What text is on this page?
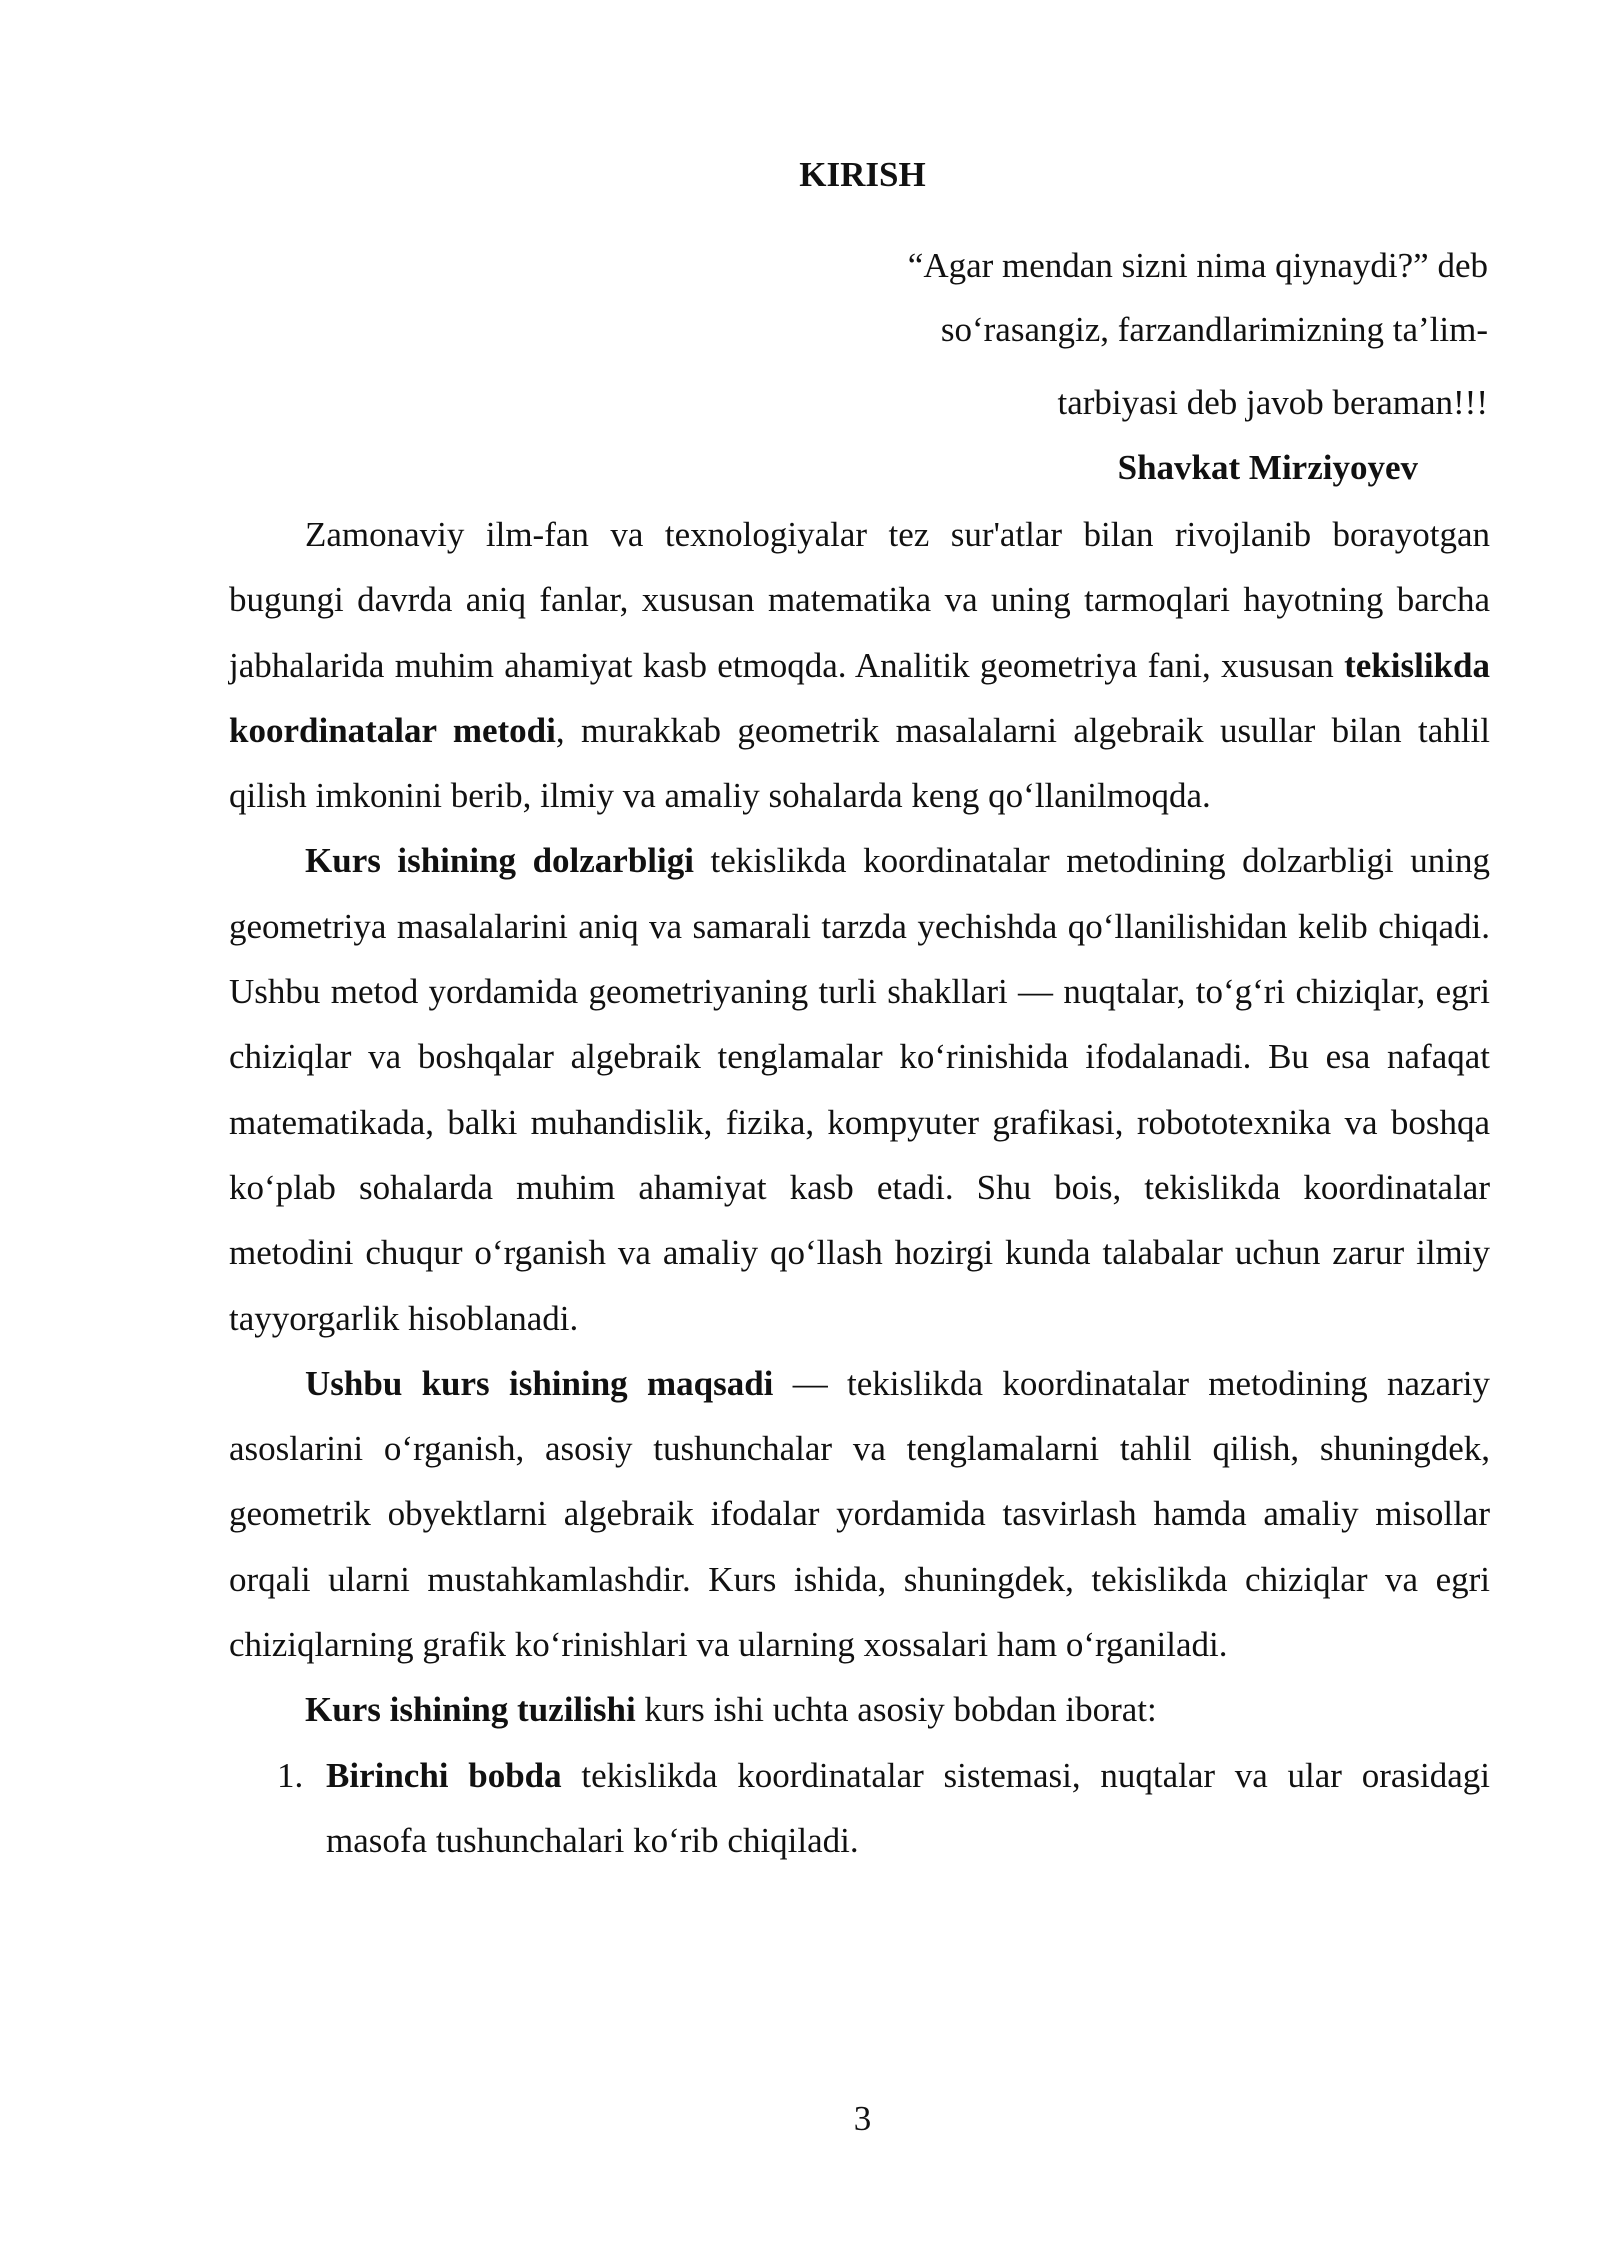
KIRISH
“Agar mendan sizni nima qiynaydi?” deb
so‘rasangiz, farzandlarimizning ta’lim-
tarbiyasi deb javob beraman!!!
Shavkat Mirziyoyev

Zamonaviy ilm-fan va texnologiyalar tez sur'atlar bilan rivojlanib borayotgan bugungi davrda aniq fanlar, xususan matematika va uning tarmoqlari hayotning barcha jabhalarida muhim ahamiyat kasb etmoqda. Analitik geometriya fani, xususan tekislikda koordinatalar metodi, murakkab geometrik masalalarni algebraik usullar bilan tahlil qilish imkonini berib, ilmiy va amaliy sohalarda keng qo‘llanilmoqda.

Kurs ishining dolzarbligi tekislikda koordinatalar metodining dolzarbligi uning geometriya masalalarini aniq va samarali tarzda yechishda qo‘llanilishidan kelib chiqadi. Ushbu metod yordamida geometriyaning turli shakllari — nuqtalar, to‘g‘ri chiziqlar, egri chiziqlar va boshqalar algebraik tenglamalar ko‘rinishida ifodalanadi. Bu esa nafaqat matematikada, balki muhandislik, fizika, kompyuter grafikasi, robototexnika va boshqa ko‘plab sohalarda muhim ahamiyat kasb etadi. Shu bois, tekislikda koordinatalar metodini chuqur o‘rganish va amaliy qo‘llash hozirgi kunda talabalar uchun zarur ilmiy tayyorgarlik hisoblanadi.

Ushbu kurs ishining maqsadi — tekislikda koordinatalar metodining nazariy asoslarini o‘rganish, asosiy tushunchalar va tenglamalarni tahlil qilish, shuningdek, geometrik obyektlarni algebraik ifodalar yordamida tasvirlash hamda amaliy misollar orqali ularni mustahkamlashdir. Kurs ishida, shuningdek, tekislikda chiziqlar va egri chiziqlarning grafik ko‘rinishlari va ularning xossalari ham o‘rganiladi.

Kurs ishining tuzilishi kurs ishi uchta asosiy bobdan iborat:

1. Birinchi bobda tekislikda koordinatalar sistemasi, nuqtalar va ular orasidagi masofa tushunchalari ko‘rib chiqiladi.
3
